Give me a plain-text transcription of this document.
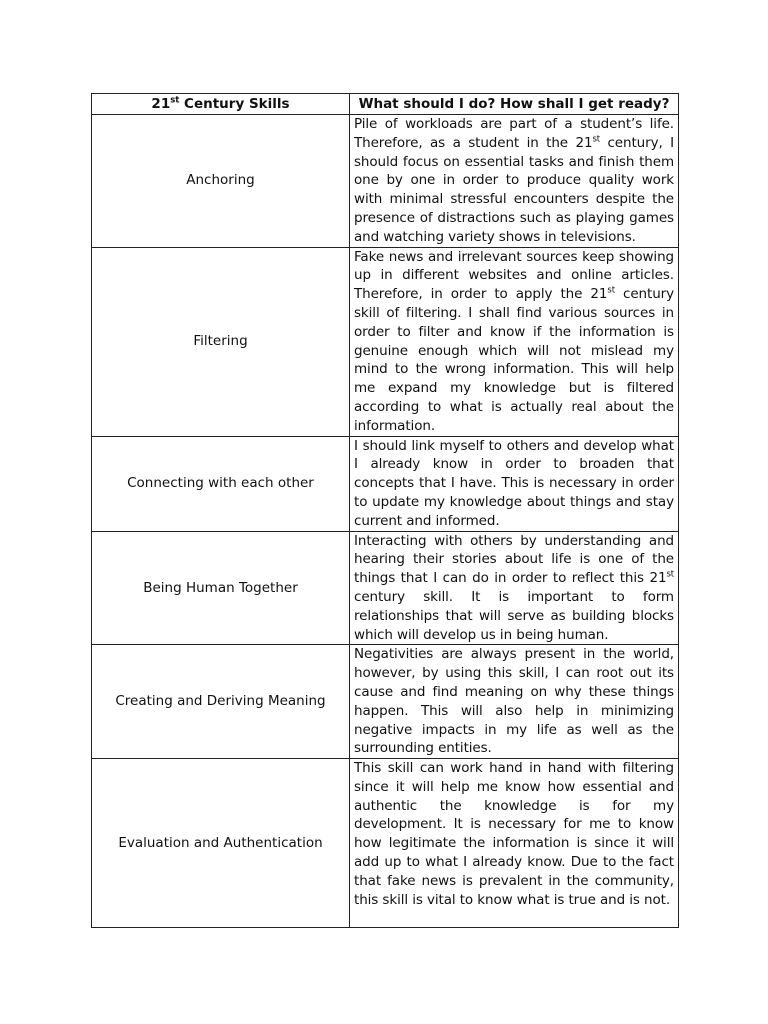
21st Century Skills	What should I do? How shall I get ready?
Anchoring	Pile of workloads are part of a student’s life. Therefore, as a student in the 21st century, I should focus on essential tasks and finish them one by one in order to produce quality work with minimal stressful encounters despite the presence of distractions such as playing games and watching variety shows in televisions.
Filtering	Fake news and irrelevant sources keep showing up in different websites and online articles. Therefore, in order to apply the 21st century skill of filtering. I shall find various sources in order to filter and know if the information is genuine enough which will not mislead my mind to the wrong information. This will help me expand my knowledge but is filtered according to what is actually real about the information.
Connecting with each other	I should link myself to others and develop what I already know in order to broaden that concepts that I have. This is necessary in order to update my knowledge about things and stay current and informed.
Being Human Together	Interacting with others by understanding and hearing their stories about life is one of the things that I can do in order to reflect this 21st century skill. It is important to form relationships that will serve as building blocks which will develop us in being human.
Creating and Deriving Meaning	Negativities are always present in the world, however, by using this skill, I can root out its cause and find meaning on why these things happen. This will also help in minimizing negative impacts in my life as well as the surrounding entities.
Evaluation and Authentication	This skill can work hand in hand with filtering since it will help me know how essential and authentic the knowledge is for my development. It is necessary for me to know how legitimate the information is since it will add up to what I already know. Due to the fact that fake news is prevalent in the community, this skill is vital to know what is true and is not.
